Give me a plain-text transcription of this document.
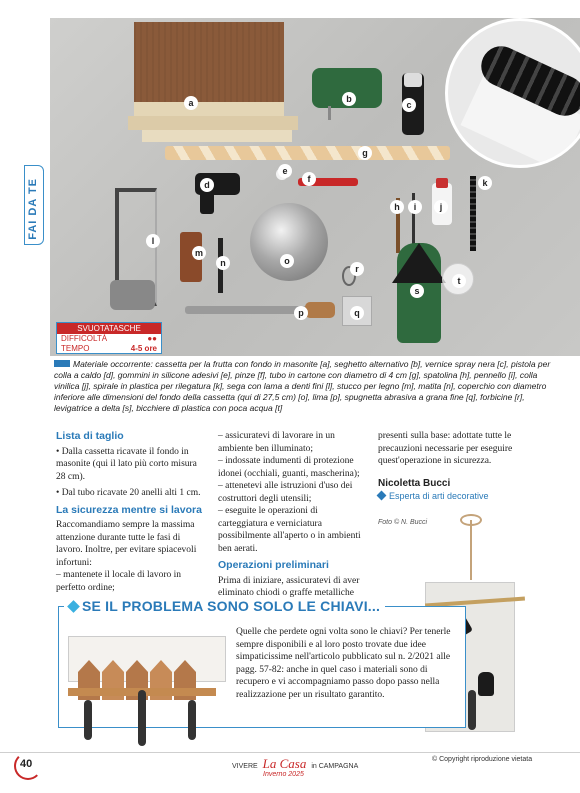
FAI DA TE
a	b
c
d
e
f
g
h	i	j
k
l
m
n	o
p	q
r
s
t
SVUOTATASCHE
DIFFICOLTÀ	●●
TEMPO	4-5 ore
Materiale occorrente: cassetta per la frutta con fondo in masonite [a], seghetto alternativo [b], vernice spray nera [c], pistola per colla a caldo [d], gommini in silicone adesivi [e], pinze [f], tubo in cartone con diametro di 4 cm [g], spatolina [h], pennello [i], colla vinilica [j], spirale in plastica per rilegatura [k], sega con lama a denti fini [l], stucco per legno [m], matita [n], coperchio con diametro inferiore alle dimensioni del fondo della cassetta (qui di 27,5 cm) [o], lima [p], spugnetta abrasiva a grana fine [q], forbicine [r], levigatrice a delta [s], bicchiere di plastica con poca acqua [t]
Lista di taglio
• Dalla cassetta ricavate il fondo in masonite (qui il lato più corto misura 28 cm).
• Dal tubo ricavate 20 anelli alti 1 cm.
La sicurezza mentre si lavora
Raccomandiamo sempre la massima attenzione durante tutte le fasi di lavoro. Inoltre, per evitare spiacevoli infortuni:
– mantenete il locale di lavoro in perfetto ordine;
– assicuratevi di lavorare in un ambiente ben illuminato;
– indossate indumenti di protezione idonei (occhiali, guanti, mascherina);
– attenetevi alle istruzioni d'uso dei costruttori degli utensili;
– eseguite le operazioni di carteggiatura e verniciatura possibilmente all'aperto o in ambienti ben aerati.
Operazioni preliminari
Prima di iniziare, assicuratevi di aver eliminato chiodi o graffe metalliche
presenti sulla base: adottate tutte le precauzioni necessarie per eseguire quest'operazione in sicurezza.
Nicoletta Bucci
Esperta di arti decorative
Foto © N. Bucci
SE IL PROBLEMA SONO SOLO LE CHIAVI...
Quelle che perdete ogni volta sono le chiavi? Per tenerle sempre disponibili e al loro posto trovate due idee simpaticissime nell'articolo pubblicato sul n. 2/2021 alle pagg. 57-82: anche in quel caso i materiali sono di recupero e vi accompagniamo passo dopo passo nella realizzazione per un risultato garantito.
40	VIVERE La Casa in CAMPAGNA
Inverno 2025
© Copyright riproduzione vietata
